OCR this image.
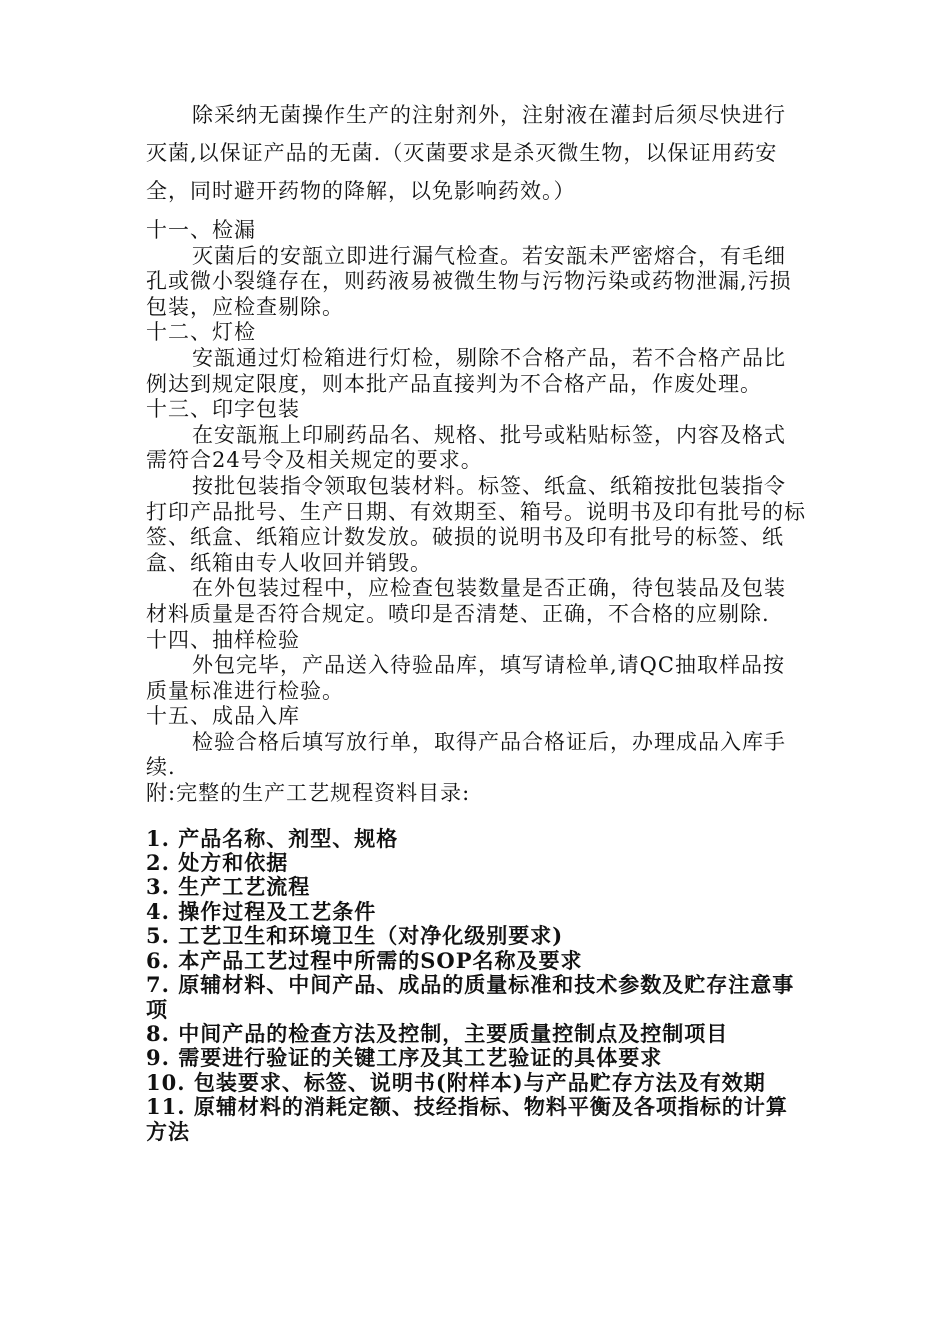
除采纳无菌操作生产的注射剂外，注射液在灌封后须尽快进行灭菌,以保证产品的无菌.（灭菌要求是杀灭微生物，以保证用药安全，同时避开药物的降解，以免影响药效。）

十一、检漏

灭菌后的安瓿立即进行漏气检查。若安瓿未严密熔合，有毛细孔或微小裂缝存在，则药液易被微生物与污物污染或药物泄漏,污损包装，应检查剔除。

十二、灯检

安瓿通过灯检箱进行灯检，剔除不合格产品，若不合格产品比例达到规定限度，则本批产品直接判为不合格产品，作废处理。

十三、印字包装

在安瓿瓶上印刷药品名、规格、批号或粘贴标签，内容及格式需符合24号令及相关规定的要求。

按批包装指令领取包装材料。标签、纸盒、纸箱按批包装指令打印产品批号、生产日期、有效期至、箱号。说明书及印有批号的标签、纸盒、纸箱应计数发放。破损的说明书及印有批号的标签、纸盒、纸箱由专人收回并销毁。

在外包装过程中，应检查包装数量是否正确，待包装品及包装材料质量是否符合规定。喷印是否清楚、正确，不合格的应剔除.

十四、抽样检验

外包完毕，产品送入待验品库，填写请检单,请QC抽取样品按质量标准进行检验。

十五、成品入库

检验合格后填写放行单，取得产品合格证后，办理成品入库手续.

附:完整的生产工艺规程资料目录:

1. 产品名称、剂型、规格
2. 处方和依据
3. 生产工艺流程
4. 操作过程及工艺条件
5. 工艺卫生和环境卫生（对净化级别要求)
6. 本产品工艺过程中所需的SOP名称及要求
7. 原辅材料、中间产品、成品的质量标准和技术参数及贮存注意事项
8. 中间产品的检查方法及控制，主要质量控制点及控制项目
9. 需要进行验证的关键工序及其工艺验证的具体要求
10. 包装要求、标签、说明书(附样本)与产品贮存方法及有效期
11. 原辅材料的消耗定额、技经指标、物料平衡及各项指标的计算方法
